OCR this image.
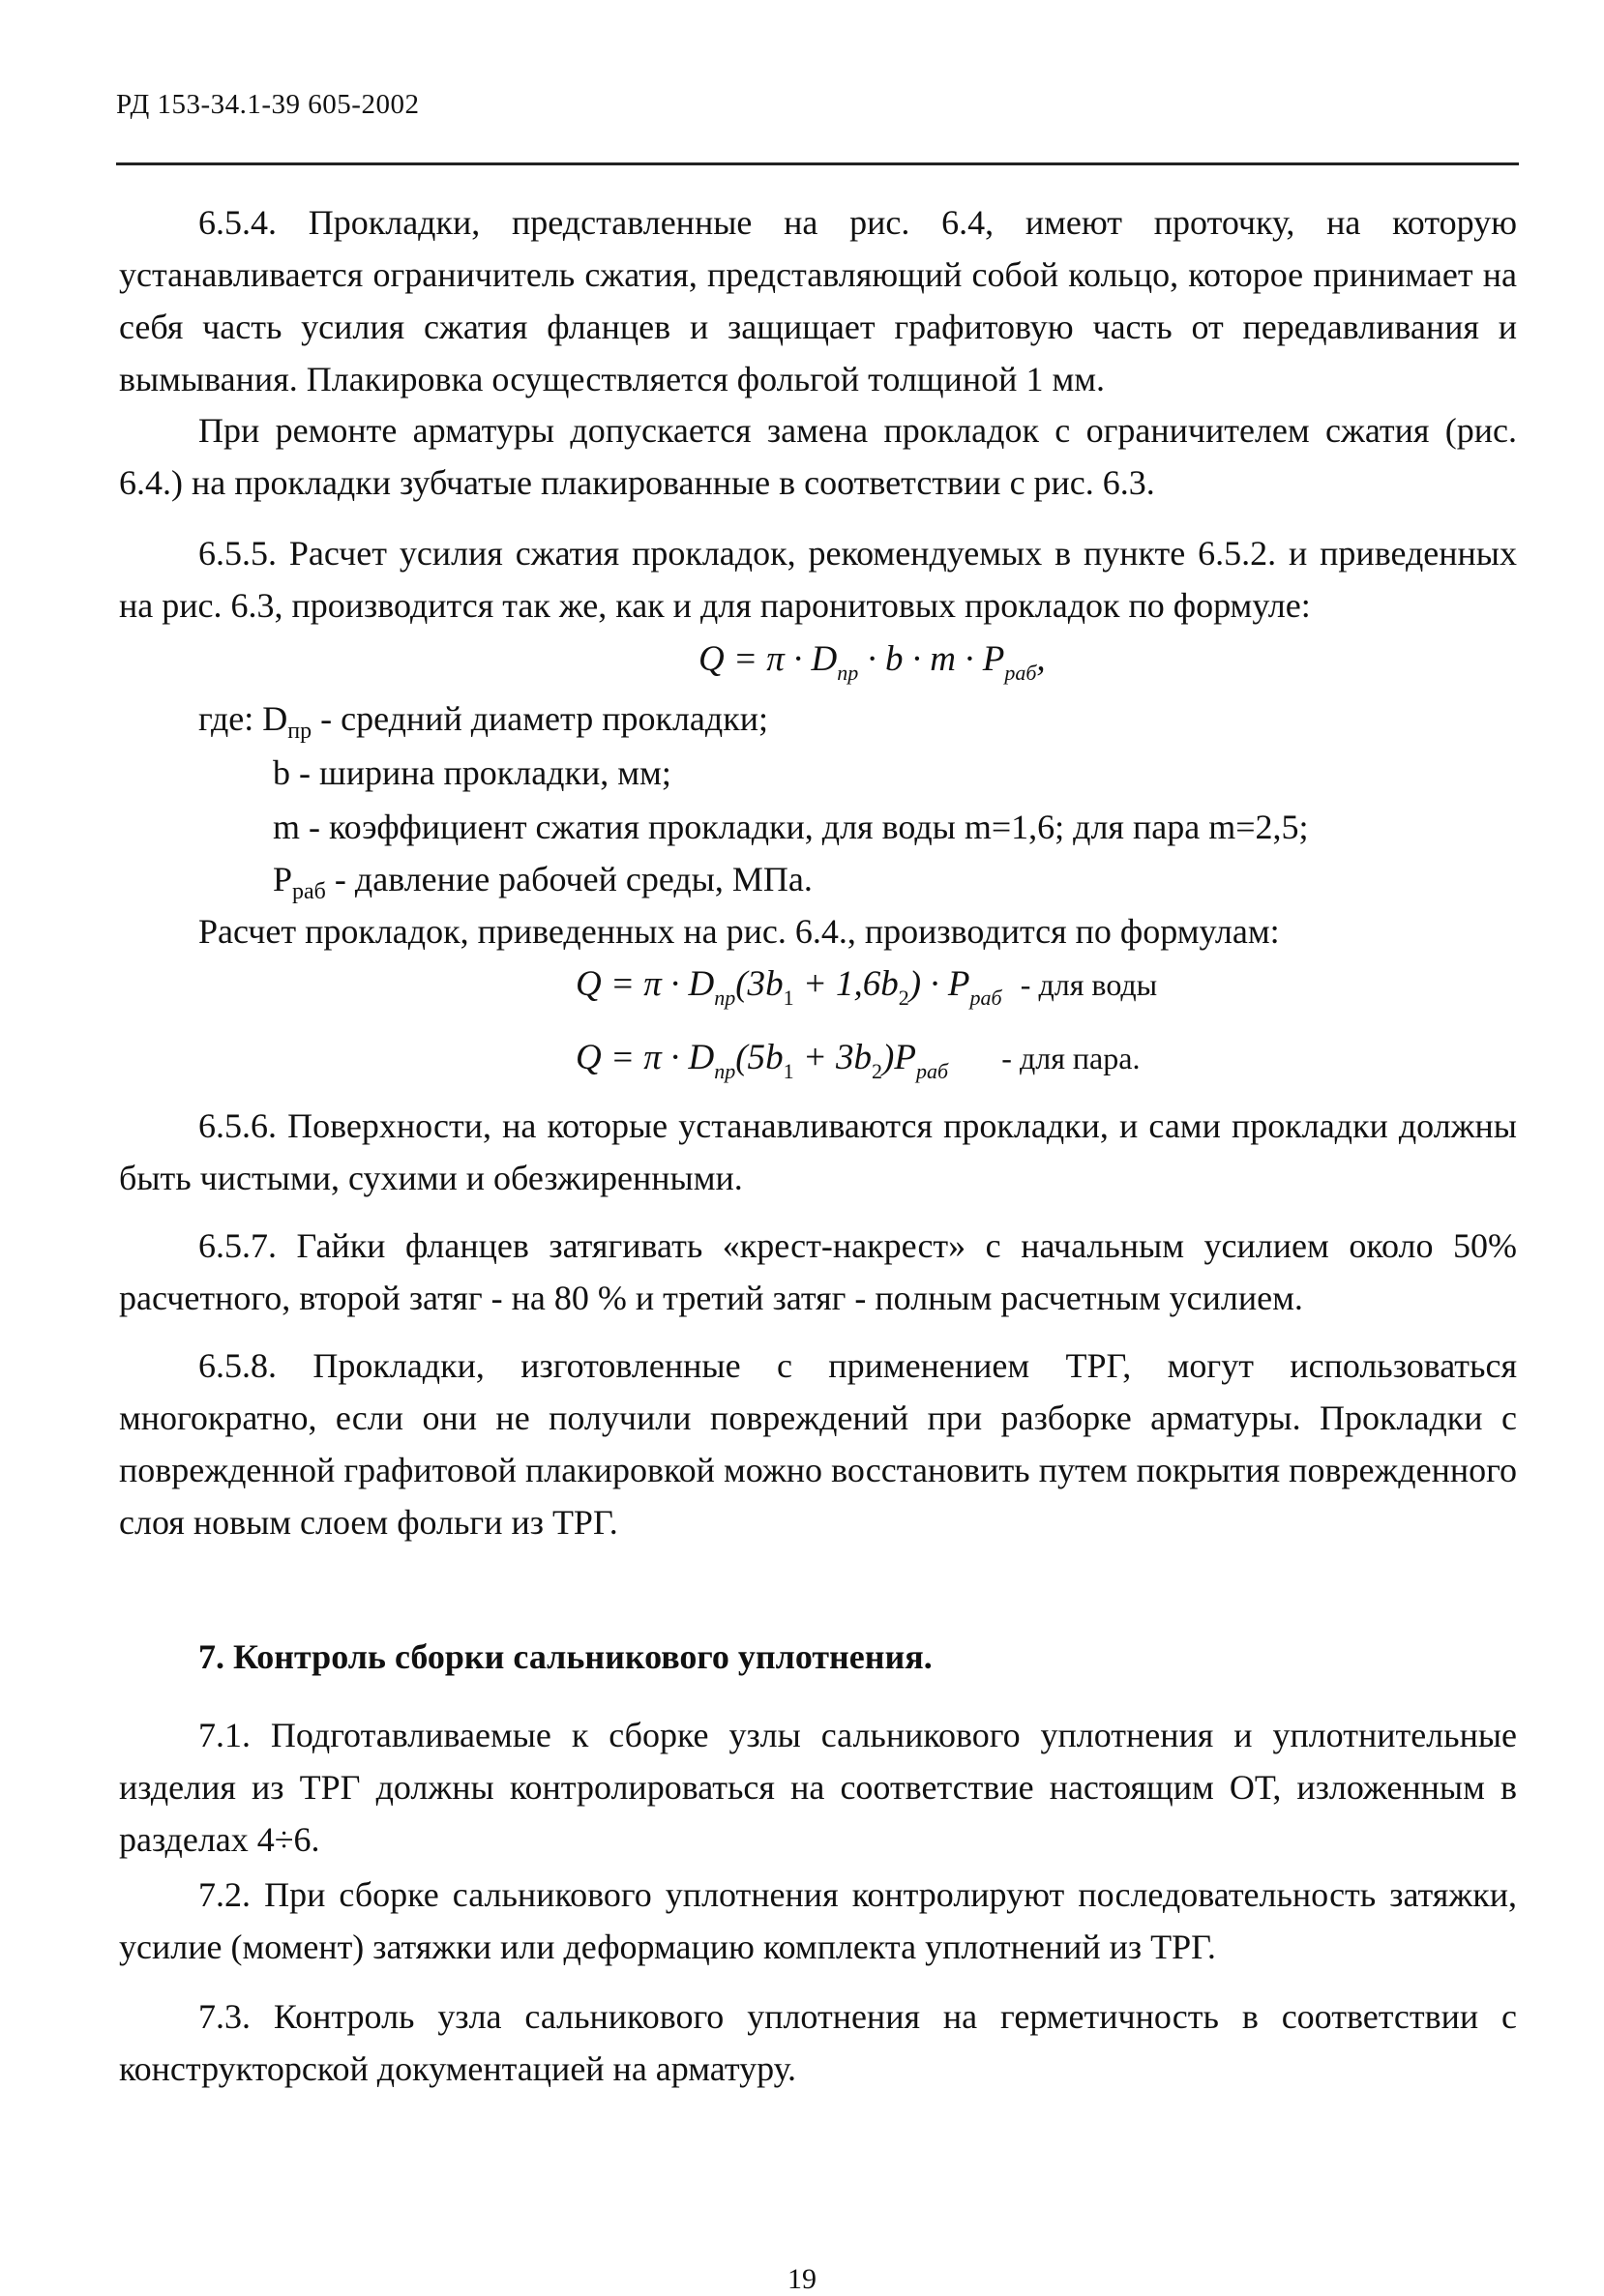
РД 153-34.1-39 605-2002

6.5.4. Прокладки, представленные на рис. 6.4, имеют проточку, на которую устанавливается ограничитель сжатия, представляющий собой кольцо, которое принимает на себя часть усилия сжатия фланцев и защищает графитовую часть от передавливания и вымывания. Плакировка осуществляется фольгой толщиной 1 мм.

При ремонте арматуры допускается замена прокладок с ограничителем сжатия (рис. 6.4.) на прокладки зубчатые плакированные в соответствии с рис. 6.3.

6.5.5. Расчет усилия сжатия прокладок, рекомендуемых в пункте 6.5.2. и приведенных на рис. 6.3, производится так же, как и для паронитовых прокладок по формуле:

$Q = \pi \cdot D_{пр} \cdot b \cdot m \cdot P_{раб}$,
где: $D_{пр}$ - средний диаметр прокладки;
b - ширина прокладки, мм;
m - коэффициент сжатия прокладки, для воды m=1,6; для пара m=2,5;
$P_{раб}$ - давление рабочей среды, МПа.
Расчет прокладок, приведенных на рис. 6.4., производится по формулам:
$Q = \pi \cdot D_{пр}(3b_1 + 1,6b_2) \cdot P_{раб}$ - для воды
$Q = \pi \cdot D_{пр}(5b_1 + 3b_2)P_{раб}$ - для пара.

6.5.6. Поверхности, на которые устанавливаются прокладки, и сами прокладки должны быть чистыми, сухими и обезжиренными.

6.5.7. Гайки фланцев затягивать «крест-накрест» с начальным усилием около 50% расчетного, второй затяг - на 80 % и третий затяг - полным расчетным усилием.

6.5.8. Прокладки, изготовленные с применением ТРГ, могут использоваться многократно, если они не получили повреждений при разборке арматуры. Прокладки с поврежденной графитовой плакировкой можно восстановить путем покрытия поврежденного слоя новым слоем фольги из ТРГ.

7. Контроль сборки сальникового уплотнения.

7.1. Подготавливаемые к сборке узлы сальникового уплотнения и уплотнительные изделия из ТРГ должны контролироваться на соответствие настоящим ОТ, изложенным в разделах 4÷6.

7.2. При сборке сальникового уплотнения контролируют последовательность затяжки, усилие (момент) затяжки или деформацию комплекта уплотнений из ТРГ.

7.3. Контроль узла сальникового уплотнения на герметичность в соответствии с конструкторской документацией на арматуру.

19
